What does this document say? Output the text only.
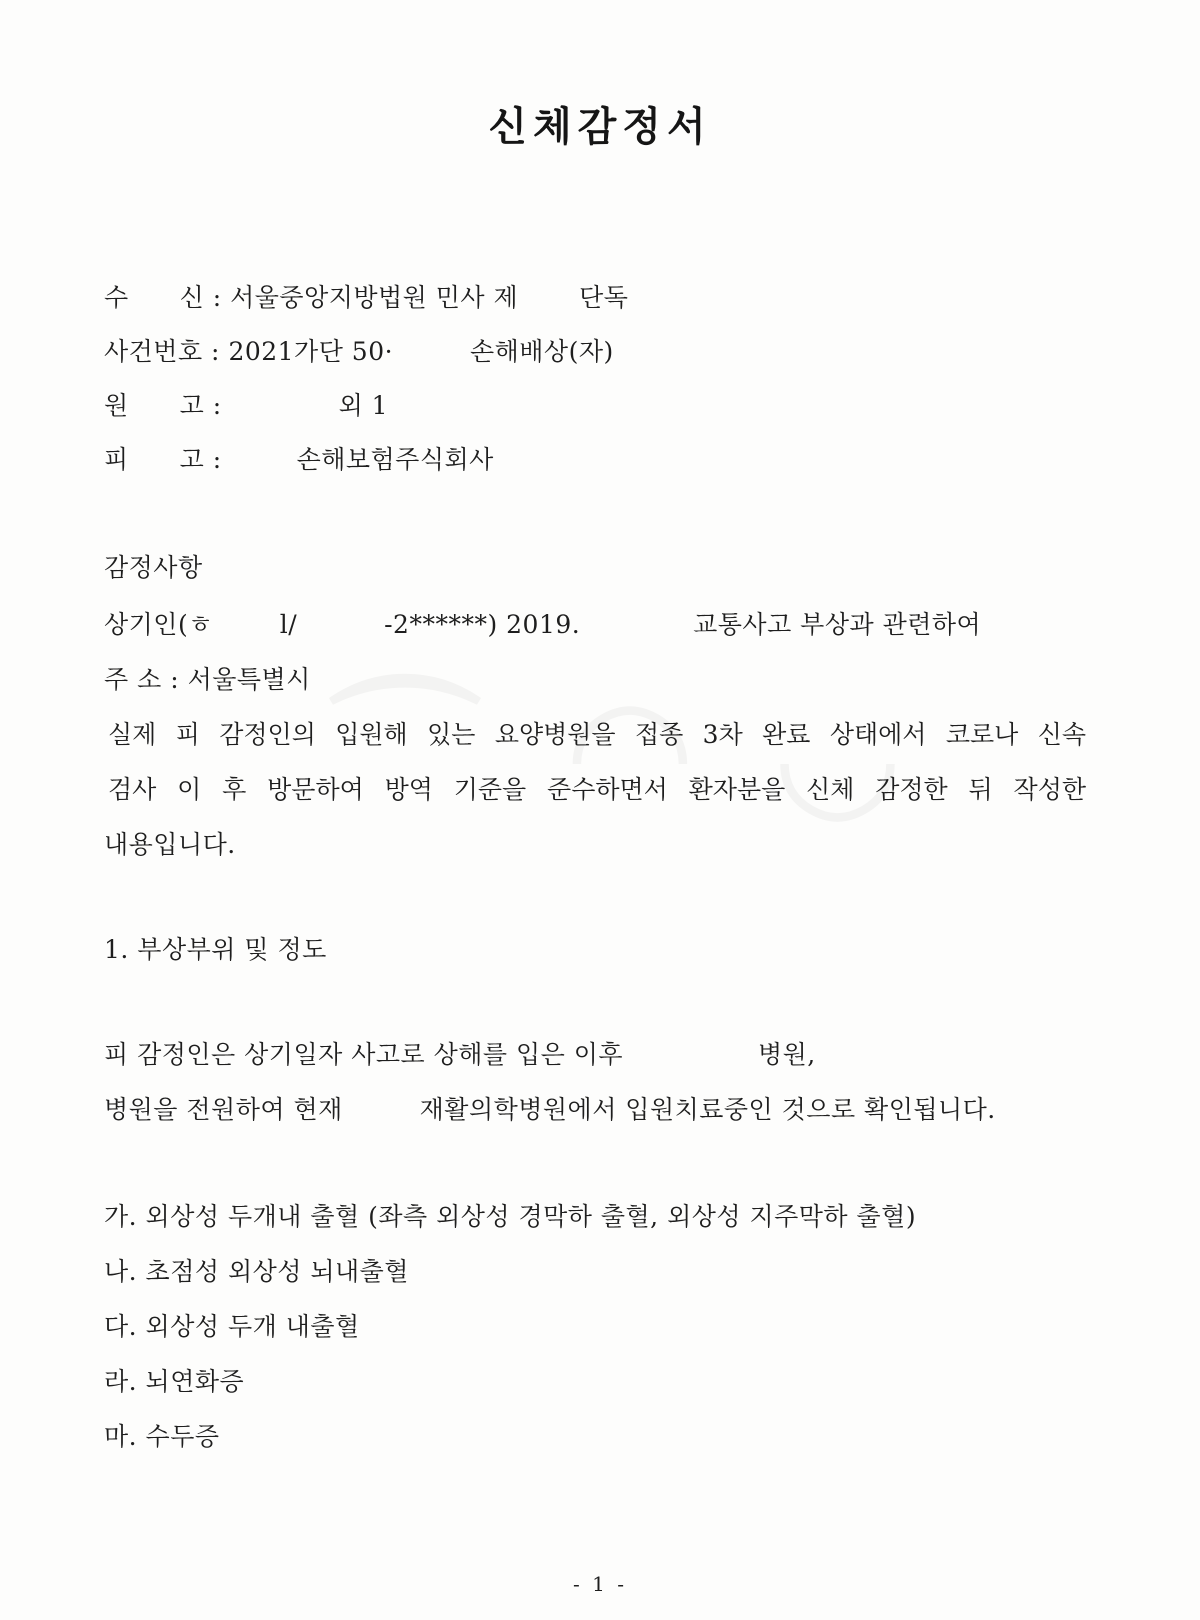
신체감정서
수　　신 : 서울중앙지방법원 민사 제 단독
사건번호 : 2021가단 50·	손해배상(자)
원　　고 :	외 1
피　　고 :	손해보험주식회사
감정사항
상기인(ㅎ	l/	-2******) 2019.	교통사고 부상과 관련하여
주 소 : 서울특별시
실제 피 감정인의 입원해 있는 요양병원을 접종 3차 완료 상태에서 코로나 신속
검사 이 후 방문하여 방역 기준을 준수하면서 환자분을 신체 감정한 뒤 작성한
내용입니다.
1. 부상부위 및 정도
피 감정인은 상기일자 사고로 상해를 입은 이후	병원,
병원을 전원하여 현재	재활의학병원에서 입원치료중인 것으로 확인됩니다.
가. 외상성 두개내 출혈 (좌측 외상성 경막하 출혈, 외상성 지주막하 출혈)
나. 초점성 외상성 뇌내출혈
다. 외상성 두개 내출혈
라. 뇌연화증
마. 수두증
- 1 -
